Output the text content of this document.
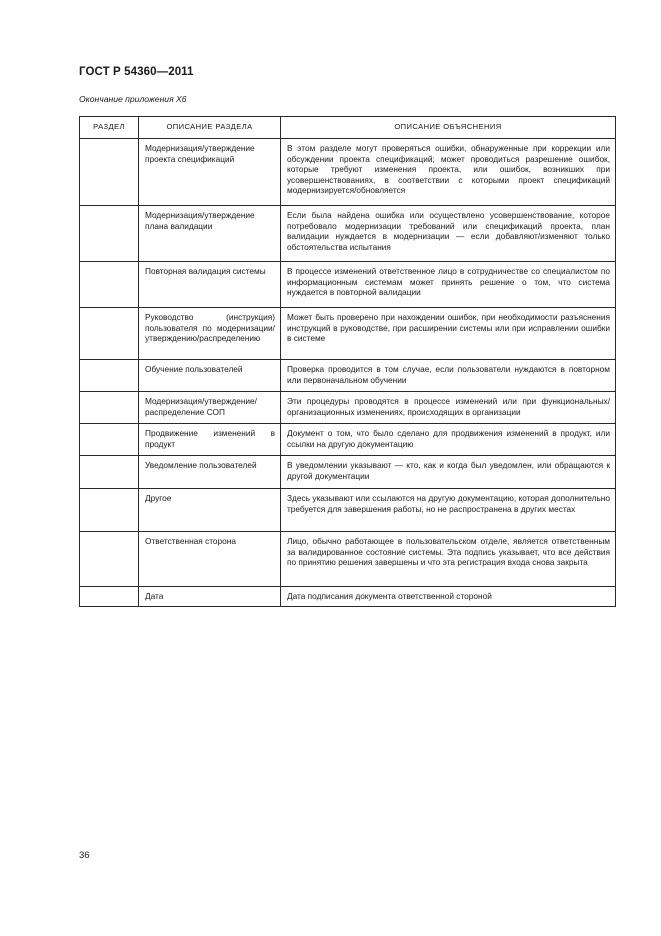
ГОСТ Р 54360—2011
Окончание приложения Х6
РАЗДЕЛ	ОПИСАНИЕ РАЗДЕЛА	ОПИСАНИЕ ОБЪЯСНЕНИЯ
	Модернизация/утверждение проекта спецификаций	В этом разделе могут проверяться ошибки, обнаруженные при коррекции или обсуждении проекта спецификаций; может проводиться разрешение ошибок, которые требуют изменения проекта, или ошибок, возникших при усовершенствованиях, в соответствии с которыми проект спецификаций модернизируется/обновляется
	Модернизация/утверждение плана валидации	Если была найдена ошибка или осуществлено усовершенствование, которое потребовало модернизации требований или спецификаций проекта, план валидации нуждается в модернизации — если добавляют/изменяют только обстоятельства испытания
	Повторная валидация системы	В процессе изменений ответственное лицо в сотрудничестве со специалистом по информационным системам может принять решение о том, что система нуждается в повторной валидации
	Руководство (инструкция) пользователя по модернизации/утверждению/распределению	Может быть проверено при нахождении ошибок, при необходимости разъяснения инструкций в руководстве, при расширении системы или при исправлении ошибки в системе
	Обучение пользователей	Проверка проводится в том случае, если пользователи нуждаются в повторном или первоначальном обучении
	Модернизация/утверждение/распределение СОП	Эти процедуры проводятся в процессе изменений или при функциональных/организационных изменениях, происходящих в организации
	Продвижение изменений в продукт	Документ о том, что было сделано для продвижения изменений в продукт, или ссылки на другую документацию
	Уведомление пользователей	В уведомлении указывают — кто, как и когда был уведомлен, или обращаются к другой документации
	Другое	Здесь указывают или ссылаются на другую документацию, которая дополнительно требуется для завершения работы, но не распространена в других местах
	Ответственная сторона	Лицо, обычно работающее в пользовательском отделе, является ответственным за валидированное состояние системы. Эта подпись указывает, что все действия по принятию решения завершены и что эта регистрация входа снова закрыта
	Дата	Дата подписания документа ответственной стороной
36
